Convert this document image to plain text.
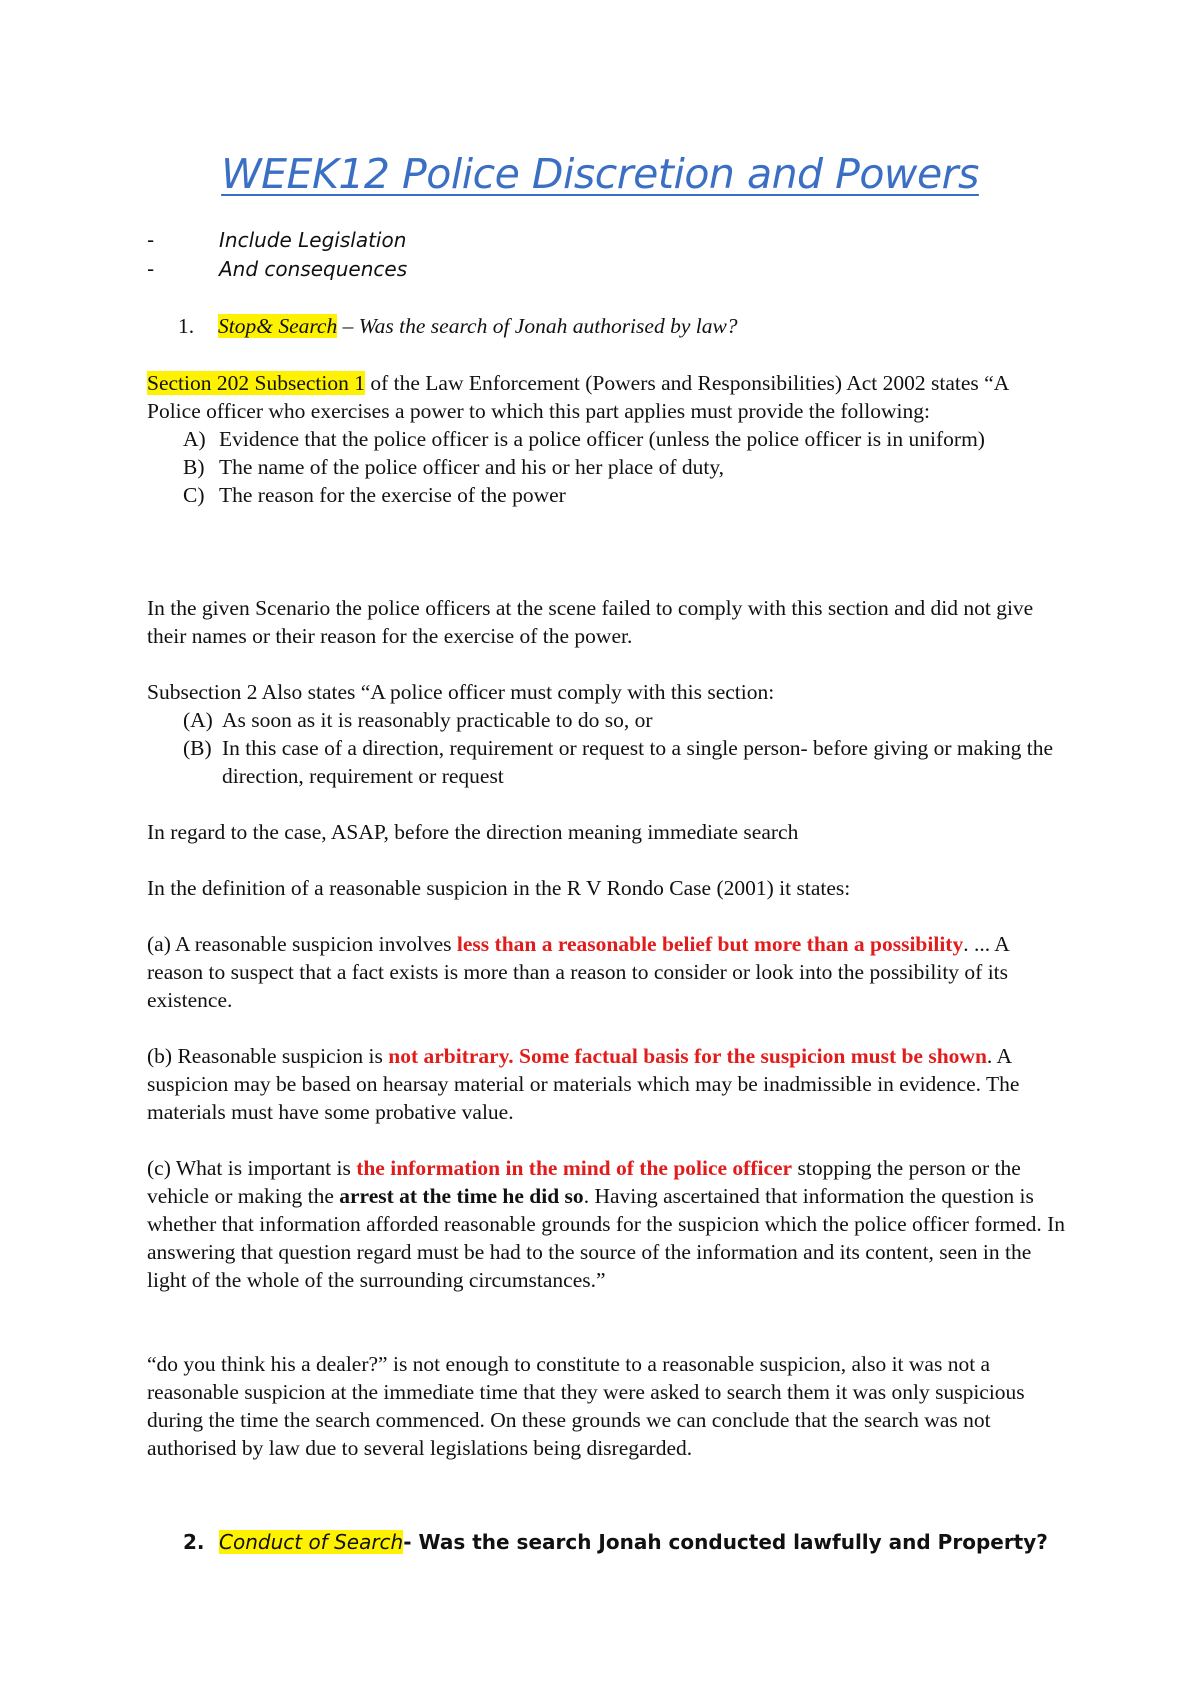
WEEK12 Police Discretion and Powers
-	Include Legislation
-	And consequences
1. Stop& Search – Was the search of Jonah authorised by law?

Section 202 Subsection 1 of the Law Enforcement (Powers and Responsibilities) Act 2002 states “A Police officer who exercises a power to which this part applies must provide the following:

A) Evidence that the police officer is a police officer (unless the police officer is in uniform)
B) The name of the police officer and his or her place of duty,
C) The reason for the exercise of the power

In the given Scenario the police officers at the scene failed to comply with this section and did not give their names or their reason for the exercise of the power.

Subsection 2 Also states “A police officer must comply with this section:

(A) As soon as it is reasonably practicable to do so, or
(B) In this case of a direction, requirement or request to a single person- before giving or making the direction, requirement or request

In regard to the case, ASAP, before the direction meaning immediate search

In the definition of a reasonable suspicion in the R V Rondo Case (2001) it states:

(a) A reasonable suspicion involves less than a reasonable belief but more than a possibility. ... A reason to suspect that a fact exists is more than a reason to consider or look into the possibility of its existence.

(b) Reasonable suspicion is not arbitrary. Some factual basis for the suspicion must be shown. A suspicion may be based on hearsay material or materials which may be inadmissible in evidence. The materials must have some probative value.

(c) What is important is the information in the mind of the police officer stopping the person or the vehicle or making the arrest at the time he did so. Having ascertained that information the question is whether that information afforded reasonable grounds for the suspicion which the police officer formed. In answering that question regard must be had to the source of the information and its content, seen in the light of the whole of the surrounding circumstances.”

“do you think his a dealer?” is not enough to constitute to a reasonable suspicion, also it was not a reasonable suspicion at the immediate time that they were asked to search them it was only suspicious during the time the search commenced. On these grounds we can conclude that the search was not authorised by law due to several legislations being disregarded.

2. Conduct of Search- Was the search Jonah conducted lawfully and Property?
